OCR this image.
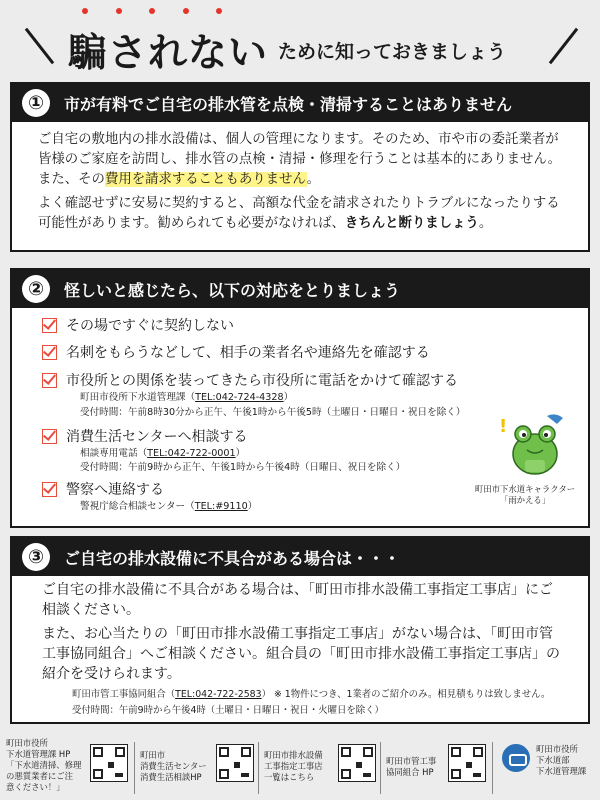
騙されない ために知っておきましょう
①	市が有料でご自宅の排水管を点検・清掃することはありません
ご自宅の敷地内の排水設備は、個人の管理になります。そのため、市や市の委託業者が皆様のご家庭を訪問し、排水管の点検・清掃・修理を行うことは基本的にありません。また、その費用を請求することもありません。
よく確認せずに安易に契約すると、高額な代金を請求されたりトラブルになったりする可能性があります。勧められても必要がなければ、きちんと断りましょう。
②	怪しいと感じたら、以下の対応をとりましょう
その場ですぐに契約しない
名刺をもらうなどして、相手の業者名や連絡先を確認する
市役所との関係を装ってきたら市役所に電話をかけて確認する
町田市役所下水道管理課（TEL:042-724-4328）
受付時間：午前8時30分から正午、午後1時から午後5時（土曜日・日曜日・祝日を除く）
消費生活センターへ相談する
相談専用電話（TEL:042-722-0001）
受付時間：午前9時から正午、午後1時から午後4時（日曜日、祝日を除く）
警察へ連絡する
警視庁総合相談センター（TEL:#9110）
!
町田市下水道キャラクター
「雨かえる」
③	ご自宅の排水設備に不具合がある場合は・・・
ご自宅の排水設備に不具合がある場合は、「町田市排水設備工事指定工事店」にご相談ください。
また、お心当たりの「町田市排水設備工事指定工事店」がない場合は、「町田市管工事協同組合」へご相談ください。組合員の「町田市排水設備工事指定工事店」の紹介を受けられます。
町田市管工事協同組合（TEL:042-722-2583） ※ 1物件につき、1業者のご紹介のみ。相見積もりは致しません。
受付時間：午前9時から午後4時（土曜日・日曜日・祝日・火曜日を除く）
町田市役所
下水道管理課 HP
「下水道清掃、修理
の悪質業者にご注
意ください！」
町田市
消費生活センター
消費生活相談HP
町田市排水設備
工事指定工事店
一覧はこちら
町田市管工事
協同組合 HP
町田市役所
下水道部
下水道管理課
